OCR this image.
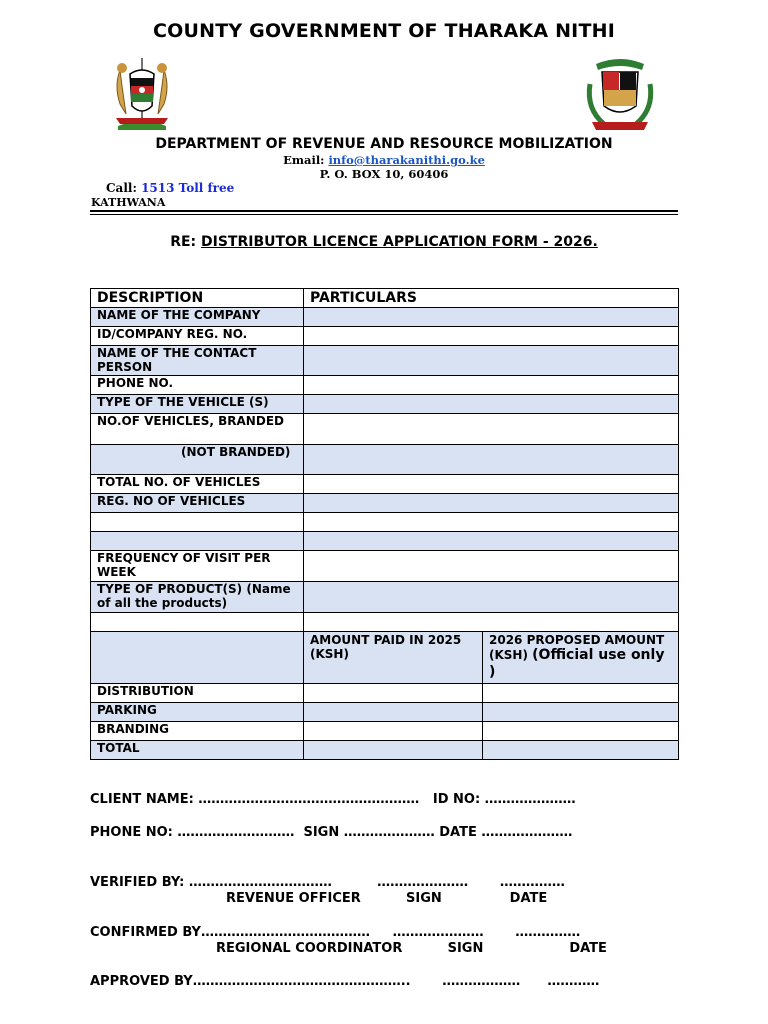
COUNTY GOVERNMENT OF THARAKA NITHI
DEPARTMENT OF REVENUE AND RESOURCE MOBILIZATION
Email: info@tharakanithi.go.ke
P. O. BOX 10, 60406
Call: 1513 Toll free
KATHWANA
RE: DISTRIBUTOR LICENCE APPLICATION FORM - 2026.
DESCRIPTION	PARTICULARS	
NAME OF THE COMPANY		
ID/COMPANY REG. NO.		
NAME OF THE CONTACT PERSON		
PHONE NO.		
TYPE OF THE VEHICLE (S)		
NO.OF VEHICLES, BRANDED		

(NOT BRANDED)		

TOTAL NO. OF VEHICLES		
REG. NO OF VEHICLES		

FREQUENCY OF VISIT PER WEEK		
TYPE OF PRODUCT(S) (Name of all the products)		

	AMOUNT PAID IN 2025 (KSH)	2026 PROPOSED AMOUNT (KSH) (Official use only )
DISTRIBUTION		
PARKING		
BRANDING		
TOTAL		
CLIENT NAME: ……………………………………………   ID NO: …………………
PHONE NO: ………………………  SIGN ………………… DATE …………………
VERIFIED BY: ……………………………          …………………       ……………
REVENUE OFFICER          SIGN               DATE
CONFIRMED BY…………………………………     …………………       ……………
REGIONAL COORDINATOR          SIGN                   DATE
APPROVED BY…………………………………………..       ………………      …………
